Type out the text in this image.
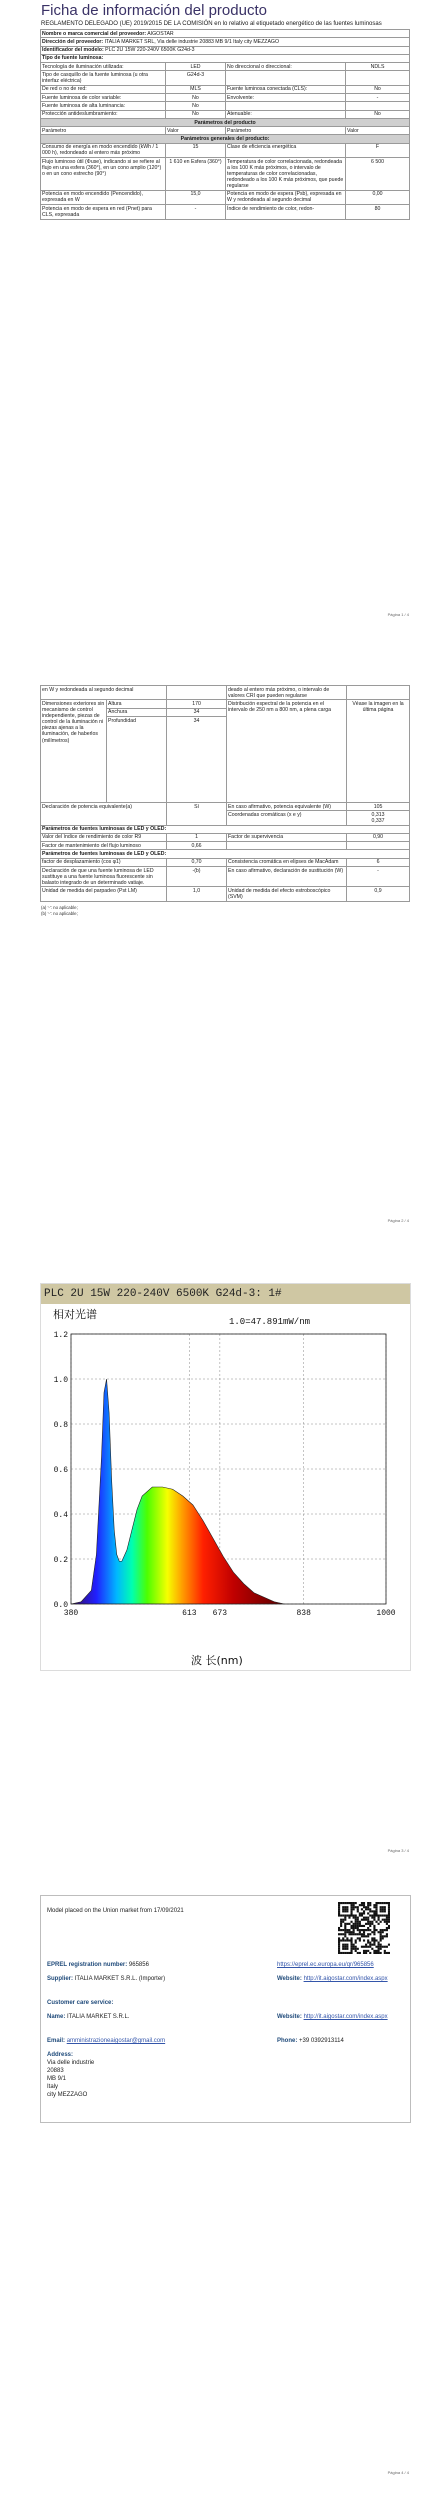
Ficha de información del producto
REGLAMENTO DELEGADO (UE) 2019/2015 DE LA COMISIÓN en lo relativo al etiquetado energético de las fuentes luminosas
Nombre o marca comercial del proveedor: AIGOSTAR			
Dirección del proveedor: ITALIA MARKET SRL, Via delle industrie 20883 MB 9/1 Italy city MEZZAGO			
Identificador del modelo: PLC 2U 15W 220-240V 6500K G24d-3			
Tipo de fuente luminosa:			
Tecnología de iluminación utilizada:	LED	No direccional o direccional:	NDLS
Tipo de casquillo de la fuente luminosa (u otra interfaz eléctrica)	G24d-3		
De red o no de red:	MLS	Fuente luminosa conectada (CLS):	No
Fuente luminosa de color variable:	No	Envolvente:	-
Fuente luminosa de alta luminancia:	No		
Protección antideslumbramiento:	No	Atenuable:	No
Parámetros del producto			
Parámetro	Valor	Parámetro	Valor
Parámetros generales del producto:			
Consumo de energía en modo encendido (kWh / 1 000 h), redondeado al entero más próximo	15	Clase de eficiencia energética	F
Flujo luminoso útil (Φuse), indicando si se refiere al flujo en una esfera (360°), en un cono amplio (120°) o en un cono estrecho (90°)	1 610 en Esfera (360°)	Temperatura de color correlacionada, redondeada a los 100 K más próximos, o intervalo de temperaturas de color correlacionadas, redondeado a los 100 K más próximos, que puede regularse	6 500
Potencia en modo encendido (Pencendido), expresada en W	15,0	Potencia en modo de espera (Psb), expresada en W y redondeada al segundo decimal	0,00
Potencia en modo de espera en red (Pnet) para CLS, expresada	-	Índice de rendimiento de color, redon-	80
Página 1 / 4
en W y redondeada al segundo decimal			deado al entero más próximo, o intervalo de valores CRI que pueden regularse	
Dimensiones exteriores sin mecanismo de control independiente, piezas de control de la iluminación ni piezas ajenas a la iluminación, de haberlos (milímetros)	Altura	170	Distribución espectral de la potencia en el intervalo de 250 nm a 800 nm, a plena carga	Véase la imagen en la última página
	Anchura	34		
	Profundidad	34		
Declaración de potencia equivalente(a)		Sí	En caso afirmativo, potencia equivalente (W)	105
			Coordenadas cromáticas (x e y)	0,313
0,337
Parámetros de fuentes luminosas de LED y OLED:				
Valor del índice de rendimiento de color R9		1	Factor de supervivencia	0,90
Factor de mantenimiento del flujo luminoso		0,66		
Parámetros de fuentes luminosas de LED y OLED:				
factor de desplazamiento (cos φ1)		0,70	Consistencia cromática en elipses de MacAdam	6
Declaración de que una fuente luminosa de LED sustituye a una fuente luminosa fluorescente sin balasto integrado de un determinado vatiaje.		-(b)	En caso afirmativo, declaración de sustitución (W)	-
Unidad de medida del parpadeo (Pst LM)		1,0	Unidad de medida del efecto estroboscópico (SVM)	0,9
(a) '-': no aplicable;
(b) '-': no aplicable;
Página 2 / 4
PLC 2U 15W 220-240V 6500K G24d-3: 1#
0.0
0.2
0.4
0.6
0.8
1.0
1.2
380	613 673	838	1000
相对光谱
1.0=47.891mW/nm
波 长(nm)
Página 3 / 4
Model placed on the Union market from 17/09/2021
EPREL registration number: 965856	https://eprel.ec.europa.eu/qr/965856
Supplier: ITALIA MARKET S.R.L. (Importer)	Website: http://it.aigostar.com/index.aspx
Customer care service:
Name: ITALIA MARKET S.R.L.	Website: http://it.aigostar.com/index.aspx
Email: amministrazioneaigostar@gmail.com	Phone: +39 0392913114
Address:
Via delle industrie
20883
MB 9/1
Italy
city MEZZAGO
Página 4 / 4
